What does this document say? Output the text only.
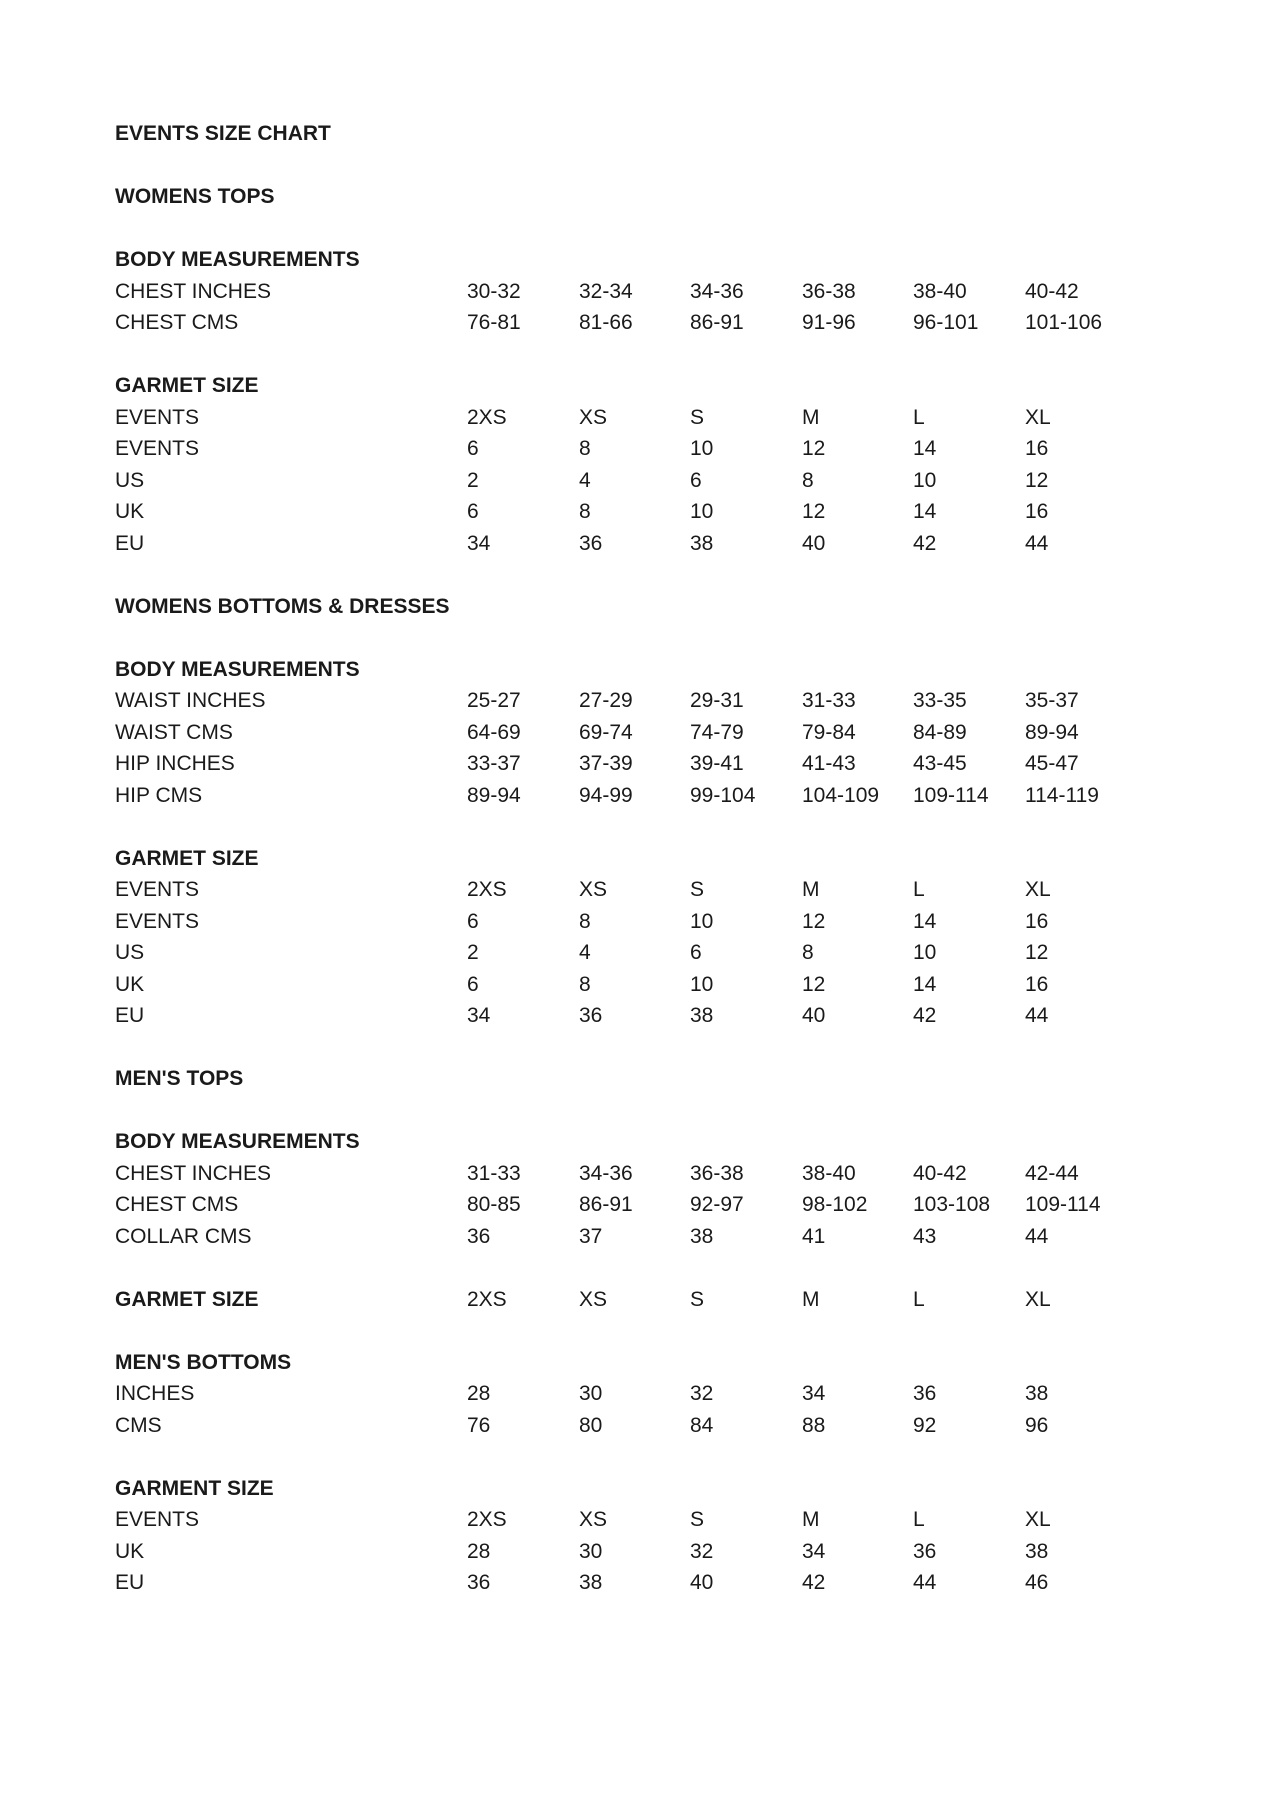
EVENTS SIZE CHART
WOMENS TOPS
BODY MEASUREMENTS
CHEST INCHES	30-32	32-34	34-36	36-38	38-40	40-42
CHEST CMS	76-81	81-66	86-91	91-96	96-101 101-106
GARMET SIZE
EVENTS	2XS	XS	S	M	L	XL
EVENTS	6	8	10	12	14	16
US	2	4	6	8	10	12
UK	6	8	10	12	14	16
EU	34	36	38	40	42	44
WOMENS BOTTOMS & DRESSES
BODY MEASUREMENTS
WAIST INCHES	25-27	27-29	29-31	31-33	33-35	35-37
WAIST CMS	64-69	69-74	74-79	79-84	84-89	89-94
HIP INCHES	33-37	37-39	39-41	41-43	43-45	45-47
HIP CMS	89-94	94-99	99-104 104-109 109-114 114-119
GARMET SIZE
EVENTS	2XS	XS	S	M	L	XL
EVENTS	6	8	10	12	14	16
US	2	4	6	8	10	12
UK	6	8	10	12	14	16
EU	34	36	38	40	42	44
MEN'S TOPS
BODY MEASUREMENTS
CHEST INCHES	31-33	34-36	36-38	38-40	40-42	42-44
CHEST CMS	80-85	86-91	92-97	98-102 103-108 109-114
COLLAR CMS	36	37	38	41	43	44
GARMET SIZE	2XS	XS	S	M	L	XL
MEN'S BOTTOMS
INCHES	28	30	32	34	36	38
CMS	76	80	84	88	92	96
GARMENT SIZE
EVENTS	2XS	XS	S	M	L	XL
UK	28	30	32	34	36	38
EU	36	38	40	42	44	46
